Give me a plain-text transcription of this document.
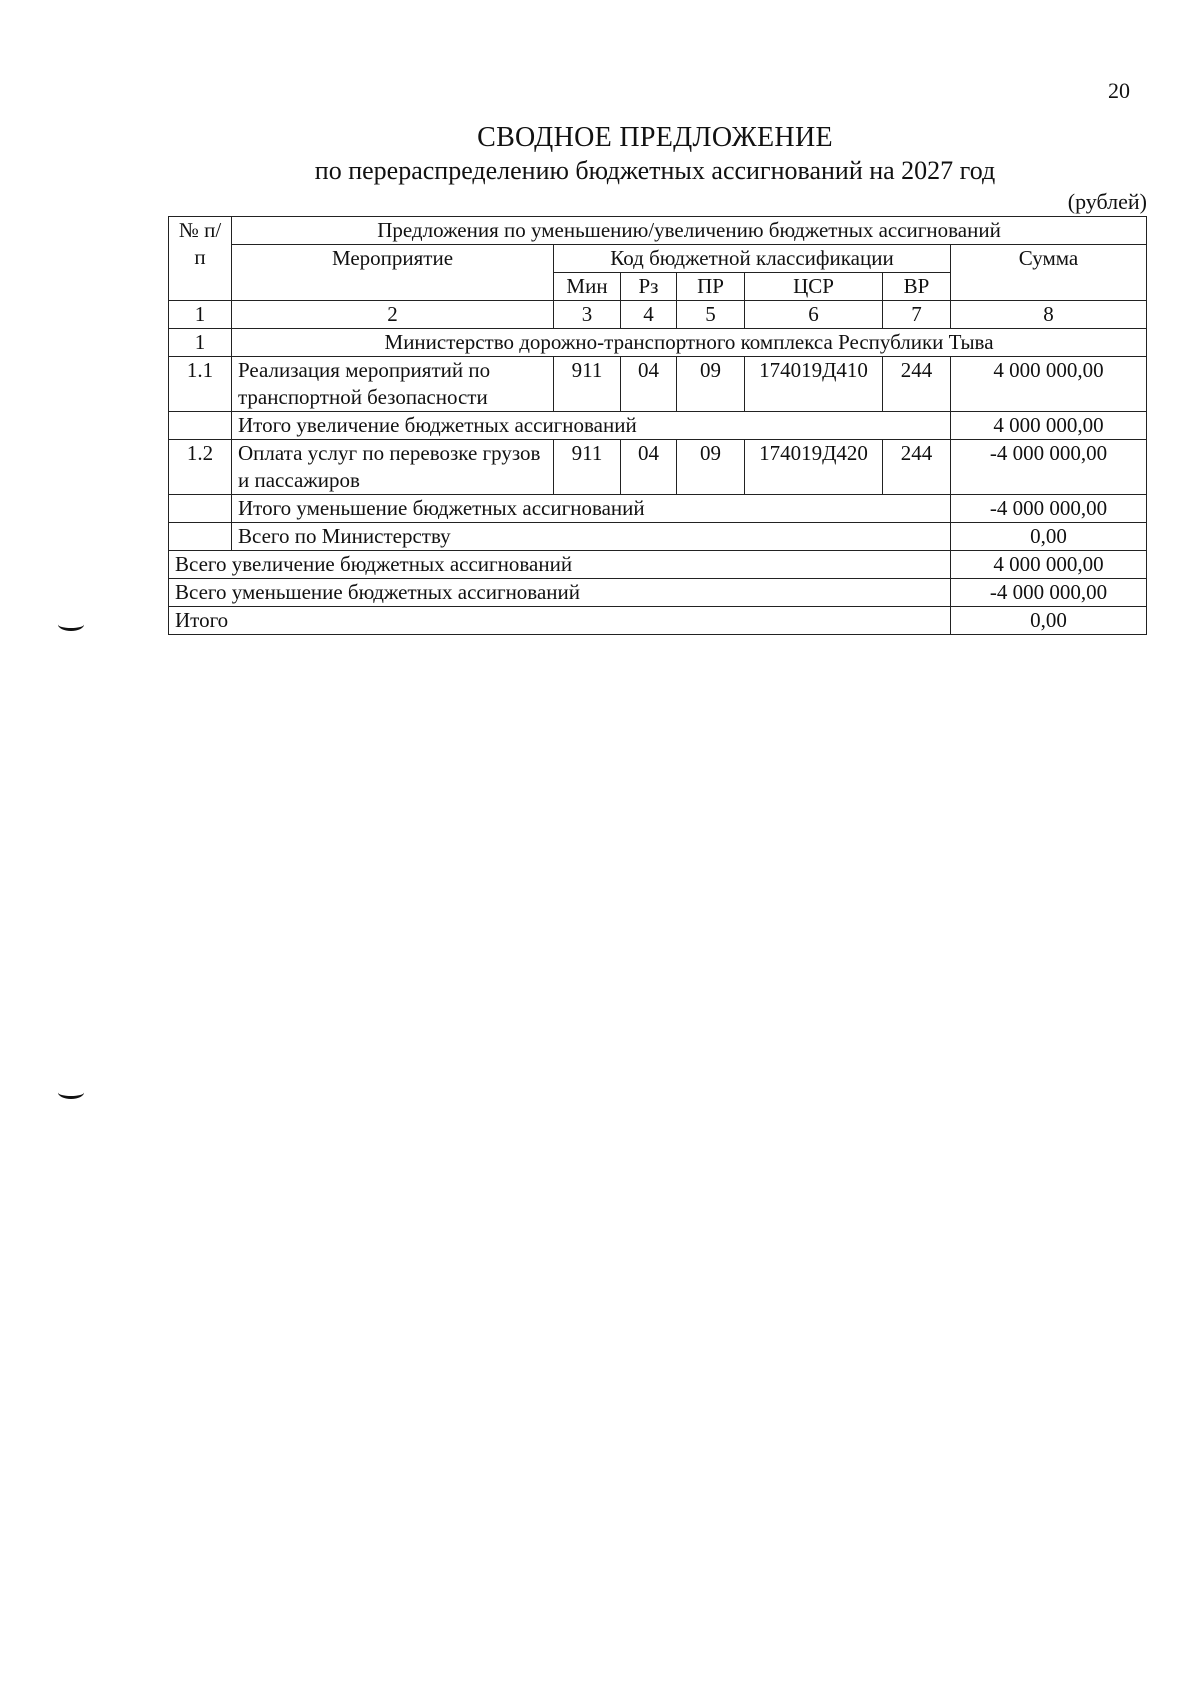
20
СВОДНОЕ ПРЕДЛОЖЕНИЕ
по перераспределению бюджетных ассигнований на 2027 год
(рублей)
№ п/п	Предложения по уменьшению/увеличению бюджетных ассигнований						
	Мероприятие	Код бюджетной классификации					Сумма
		Мин	Рз	ПР	ЦСР	ВР	
1	2	3	4	5	6	7	8
1	Министерство дорожно-транспортного комплекса Республики Тыва						
1.1	Реализация мероприятий по транспортной безопасности	911	04	09	174019Д410	244	4 000 000,00
	Итого увеличение бюджетных ассигнований						4 000 000,00
1.2	Оплата услуг по перевозке грузов и пассажиров	911	04	09	174019Д420	244	-4 000 000,00
	Итого уменьшение бюджетных ассигнований						-4 000 000,00
	Всего по Министерству						0,00
Всего увеличение бюджетных ассигнований							4 000 000,00
Всего уменьшение бюджетных ассигнований							-4 000 000,00
Итого							0,00
